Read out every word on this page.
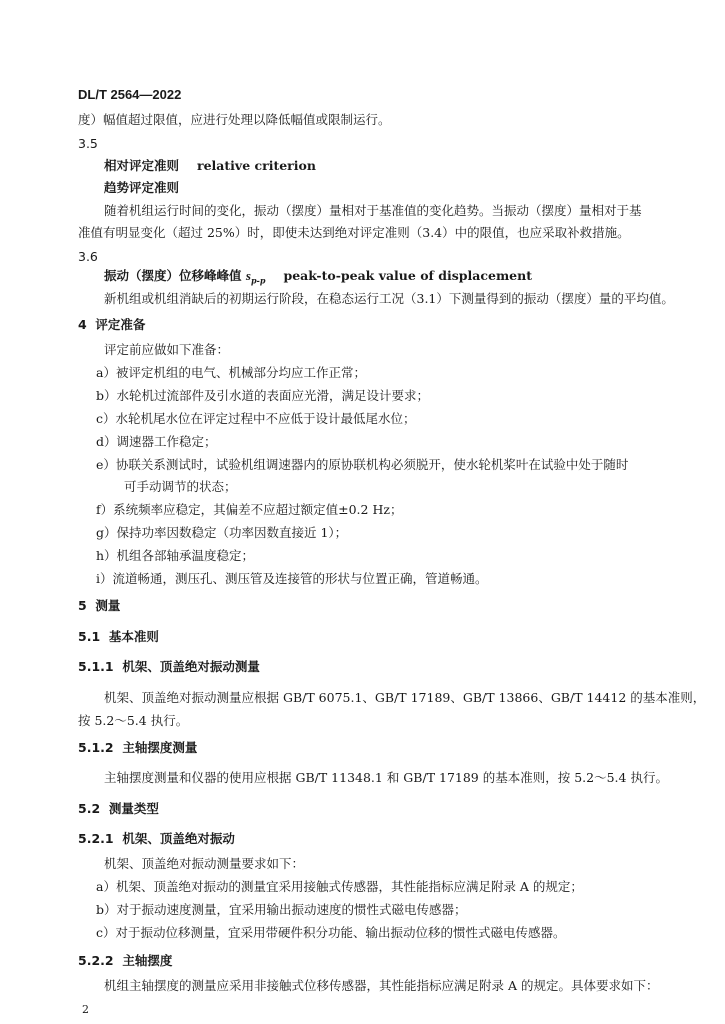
DL/T 2564—2022
度）幅值超过限值，应进行处理以降低幅值或限制运行。
3.5
相对评定准则 relative criterion
趋势评定准则
随着机组运行时间的变化，振动（摆度）量相对于基准值的变化趋势。当振动（摆度）量相对于基
准值有明显变化（超过 25%）时，即使未达到绝对评定准则（3.4）中的限值，也应采取补救措施。
3.6
振动（摆度）位移峰峰值 $s_{p-p}$ peak-to-peak value of displacement
新机组或机组消缺后的初期运行阶段，在稳态运行工况（3.1）下测量得到的振动（摆度）量的平均值。
4 评定准备
评定前应做如下准备：
a）被评定机组的电气、机械部分均应工作正常；
b）水轮机过流部件及引水道的表面应光滑，满足设计要求；
c）水轮机尾水位在评定过程中不应低于设计最低尾水位；
d）调速器工作稳定；
e）协联关系测试时，试验机组调速器内的原协联机构必须脱开，使水轮机桨叶在试验中处于随时
可手动调节的状态；
f）系统频率应稳定，其偏差不应超过额定值±0.2 Hz；
g）保持功率因数稳定（功率因数直接近 1）；
h）机组各部轴承温度稳定；
i）流道畅通，测压孔、测压管及连接管的形状与位置正确，管道畅通。
5 测量
5.1 基本准则
5.1.1 机架、顶盖绝对振动测量
机架、顶盖绝对振动测量应根据 GB/T 6075.1、GB/T 17189、GB/T 13866、GB/T 14412 的基本准则，
按 5.2～5.4 执行。
5.1.2 主轴摆度测量
主轴摆度测量和仪器的使用应根据 GB/T 11348.1 和 GB/T 17189 的基本准则，按 5.2～5.4 执行。
5.2 测量类型
5.2.1 机架、顶盖绝对振动
机架、顶盖绝对振动测量要求如下：
a）机架、顶盖绝对振动的测量宜采用接触式传感器，其性能指标应满足附录 A 的规定；
b）对于振动速度测量，宜采用输出振动速度的惯性式磁电传感器；
c）对于振动位移测量，宜采用带硬件积分功能、输出振动位移的惯性式磁电传感器。
5.2.2 主轴摆度
机组主轴摆度的测量应采用非接触式位移传感器，其性能指标应满足附录 A 的规定。具体要求如下：
2
